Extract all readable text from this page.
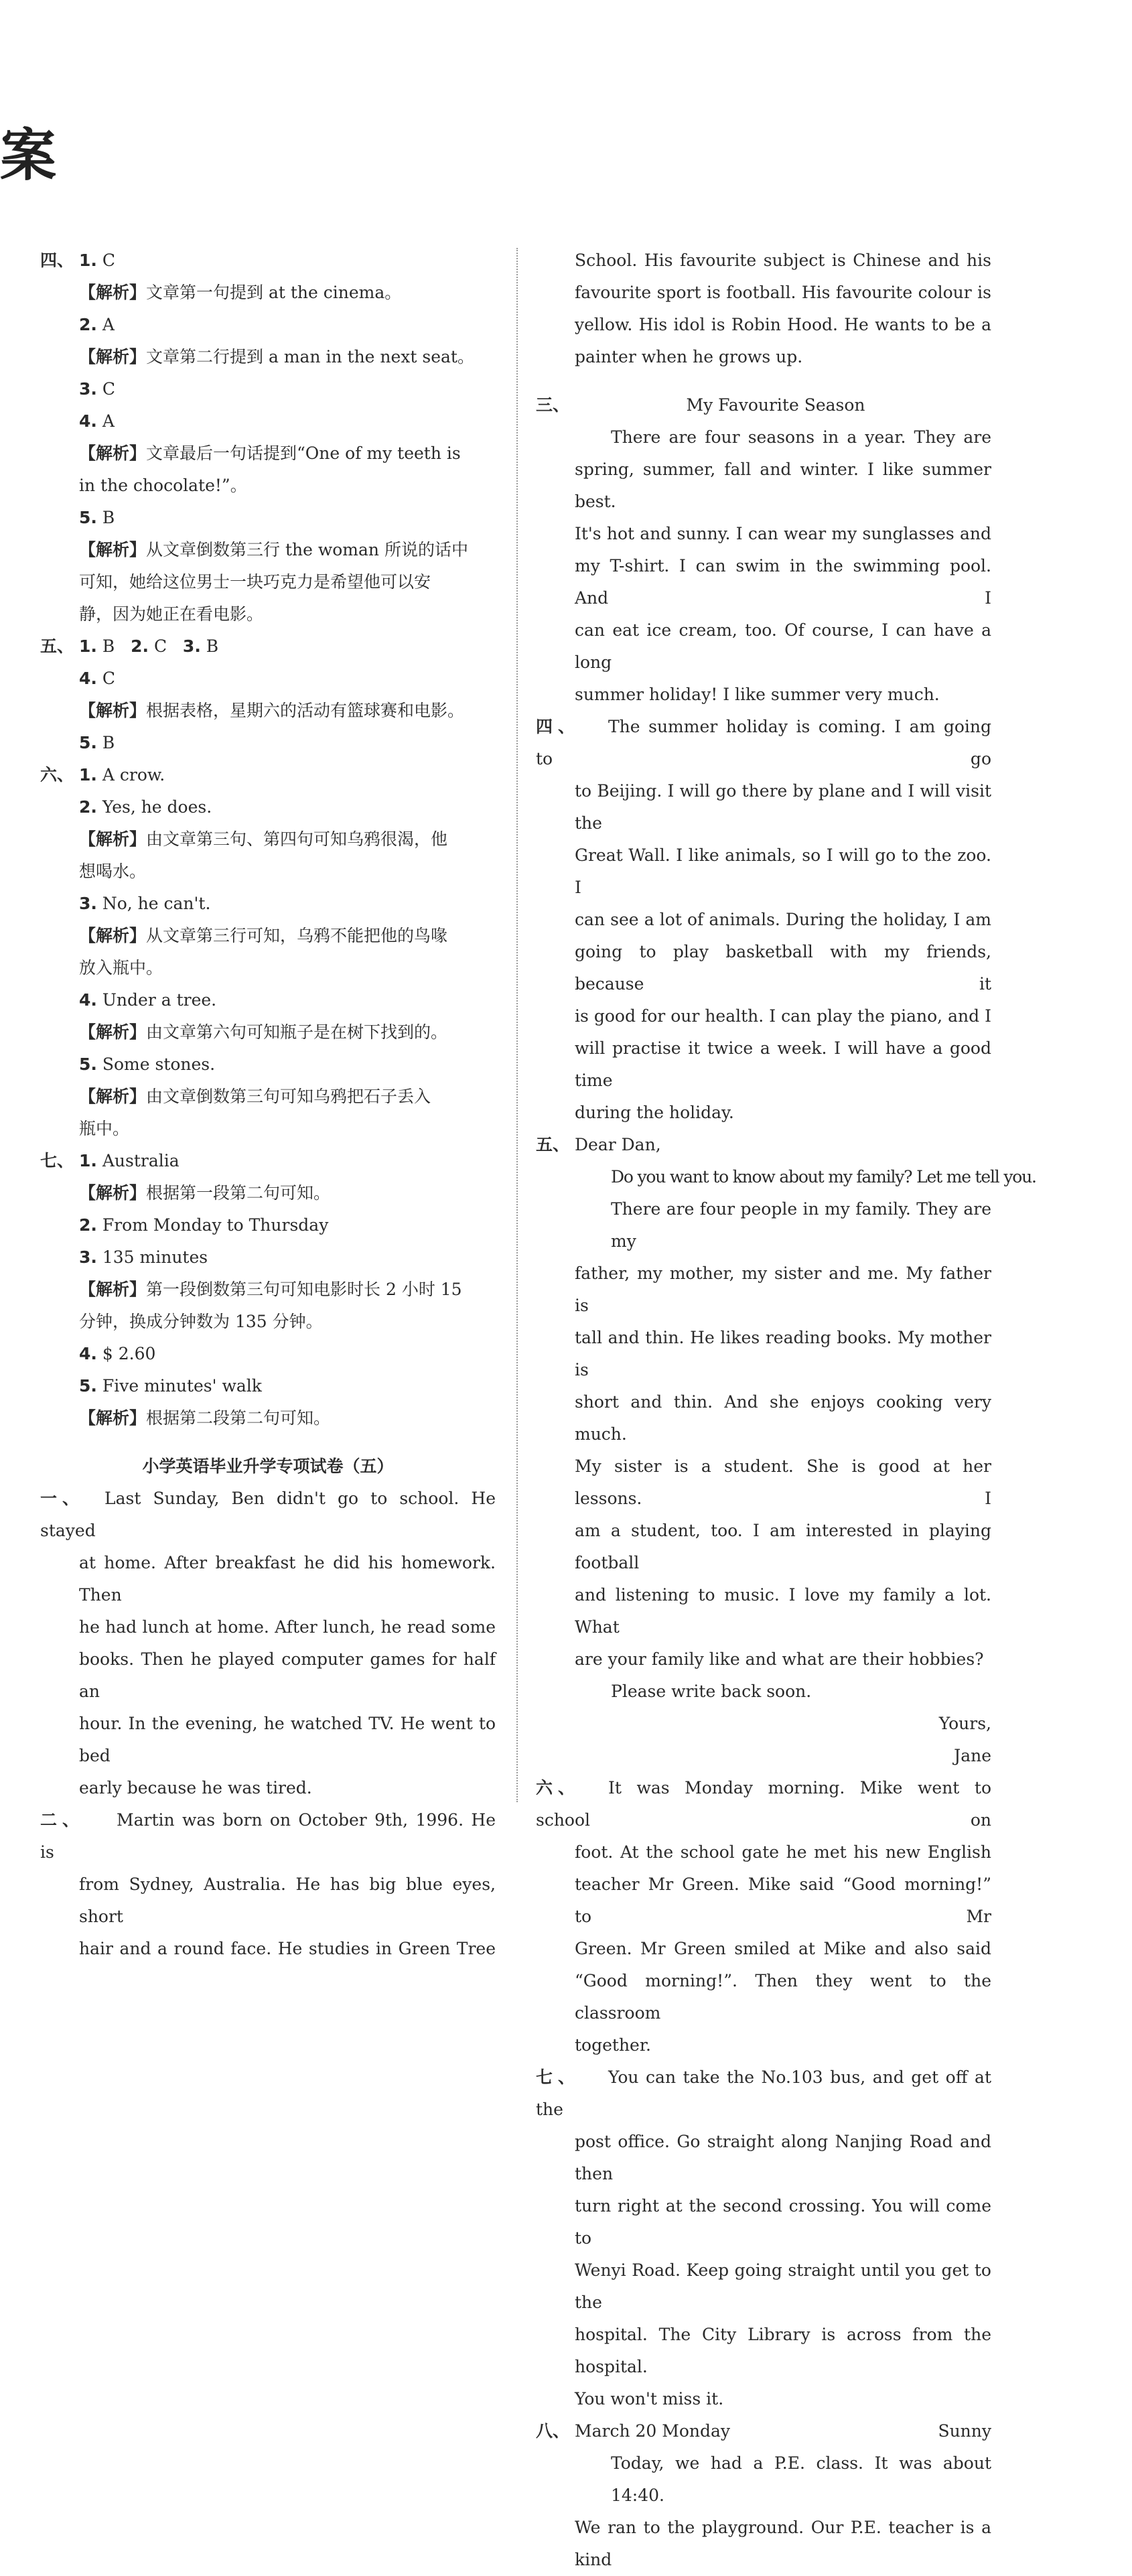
案
四、 1. C
【解析】文章第一句提到 at the cinema。
2. A
【解析】文章第二行提到 a man in the next seat。
3. C
4. A
【解析】文章最后一句话提到“One of my teeth is
in the chocolate!”。
5. B
【解析】从文章倒数第三行 the woman 所说的话中
可知，她给这位男士一块巧克力是希望他可以安
静，因为她正在看电影。
五、 1. B 2. C 3. B
4. C
【解析】根据表格，星期六的活动有篮球赛和电影。
5. B
六、 1. A crow.
2. Yes, he does.
【解析】由文章第三句、第四句可知乌鸦很渴，他
想喝水。
3. No, he can't.
【解析】从文章第三行可知，乌鸦不能把他的鸟喙
放入瓶中。
4. Under a tree.
【解析】由文章第六句可知瓶子是在树下找到的。
5. Some stones.
【解析】由文章倒数第三句可知乌鸦把石子丢入
瓶中。
七、 1. Australia
【解析】根据第一段第二句可知。
2. From Monday to Thursday
3. 135 minutes
【解析】第一段倒数第三句可知电影时长 2 小时 15
分钟，换成分钟数为 135 分钟。
4. $ 2.60
5. Five minutes' walk
【解析】根据第二段第二句可知。
小学英语毕业升学专项试卷（五）
一、 Last Sunday, Ben didn't go to school. He stayed
at home. After breakfast he did his homework. Then
he had lunch at home. After lunch, he read some
books. Then he played computer games for half an
hour. In the evening, he watched TV. He went to bed
early because he was tired.
二、 Martin was born on October 9th, 1996. He is
from Sydney, Australia. He has big blue eyes, short
hair and a round face. He studies in Green Tree
School. His favourite subject is Chinese and his
favourite sport is football. His favourite colour is
yellow. His idol is Robin Hood. He wants to be a
painter when he grows up.
三、	My Favourite Season
There are four seasons in a year. They are
spring, summer, fall and winter. I like summer best.
It's hot and sunny. I can wear my sunglasses and
my T-shirt. I can swim in the swimming pool. And I
can eat ice cream, too. Of course, I can have a long
summer holiday! I like summer very much.
四、 The summer holiday is coming. I am going to go
to Beijing. I will go there by plane and I will visit the
Great Wall. I like animals, so I will go to the zoo. I
can see a lot of animals. During the holiday, I am
going to play basketball with my friends, because it
is good for our health. I can play the piano, and I
will practise it twice a week. I will have a good time
during the holiday.
五、 Dear Dan,
Do you want to know about my family? Let me tell you.
There are four people in my family. They are my
father, my mother, my sister and me. My father is
tall and thin. He likes reading books. My mother is
short and thin. And she enjoys cooking very much.
My sister is a student. She is good at her lessons. I
am a student, too. I am interested in playing football
and listening to music. I love my family a lot. What
are your family like and what are their hobbies?
Please write back soon.
Yours,
Jane
六、 It was Monday morning. Mike went to school on
foot. At the school gate he met his new English
teacher Mr Green. Mike said “Good morning!” to Mr
Green. Mr Green smiled at Mike and also said
“Good morning!”. Then they went to the classroom
together.
七、 You can take the No.103 bus, and get off at the
post office. Go straight along Nanjing Road and then
turn right at the second crossing. You will come to
Wenyi Road. Keep going straight until you get to the
hospital. The City Library is across from the hospital.
You won't miss it.
八、 March 20 Monday	Sunny
Today, we had a P.E. class. It was about 14:40.
We ran to the playground. Our P.E. teacher is a kind
